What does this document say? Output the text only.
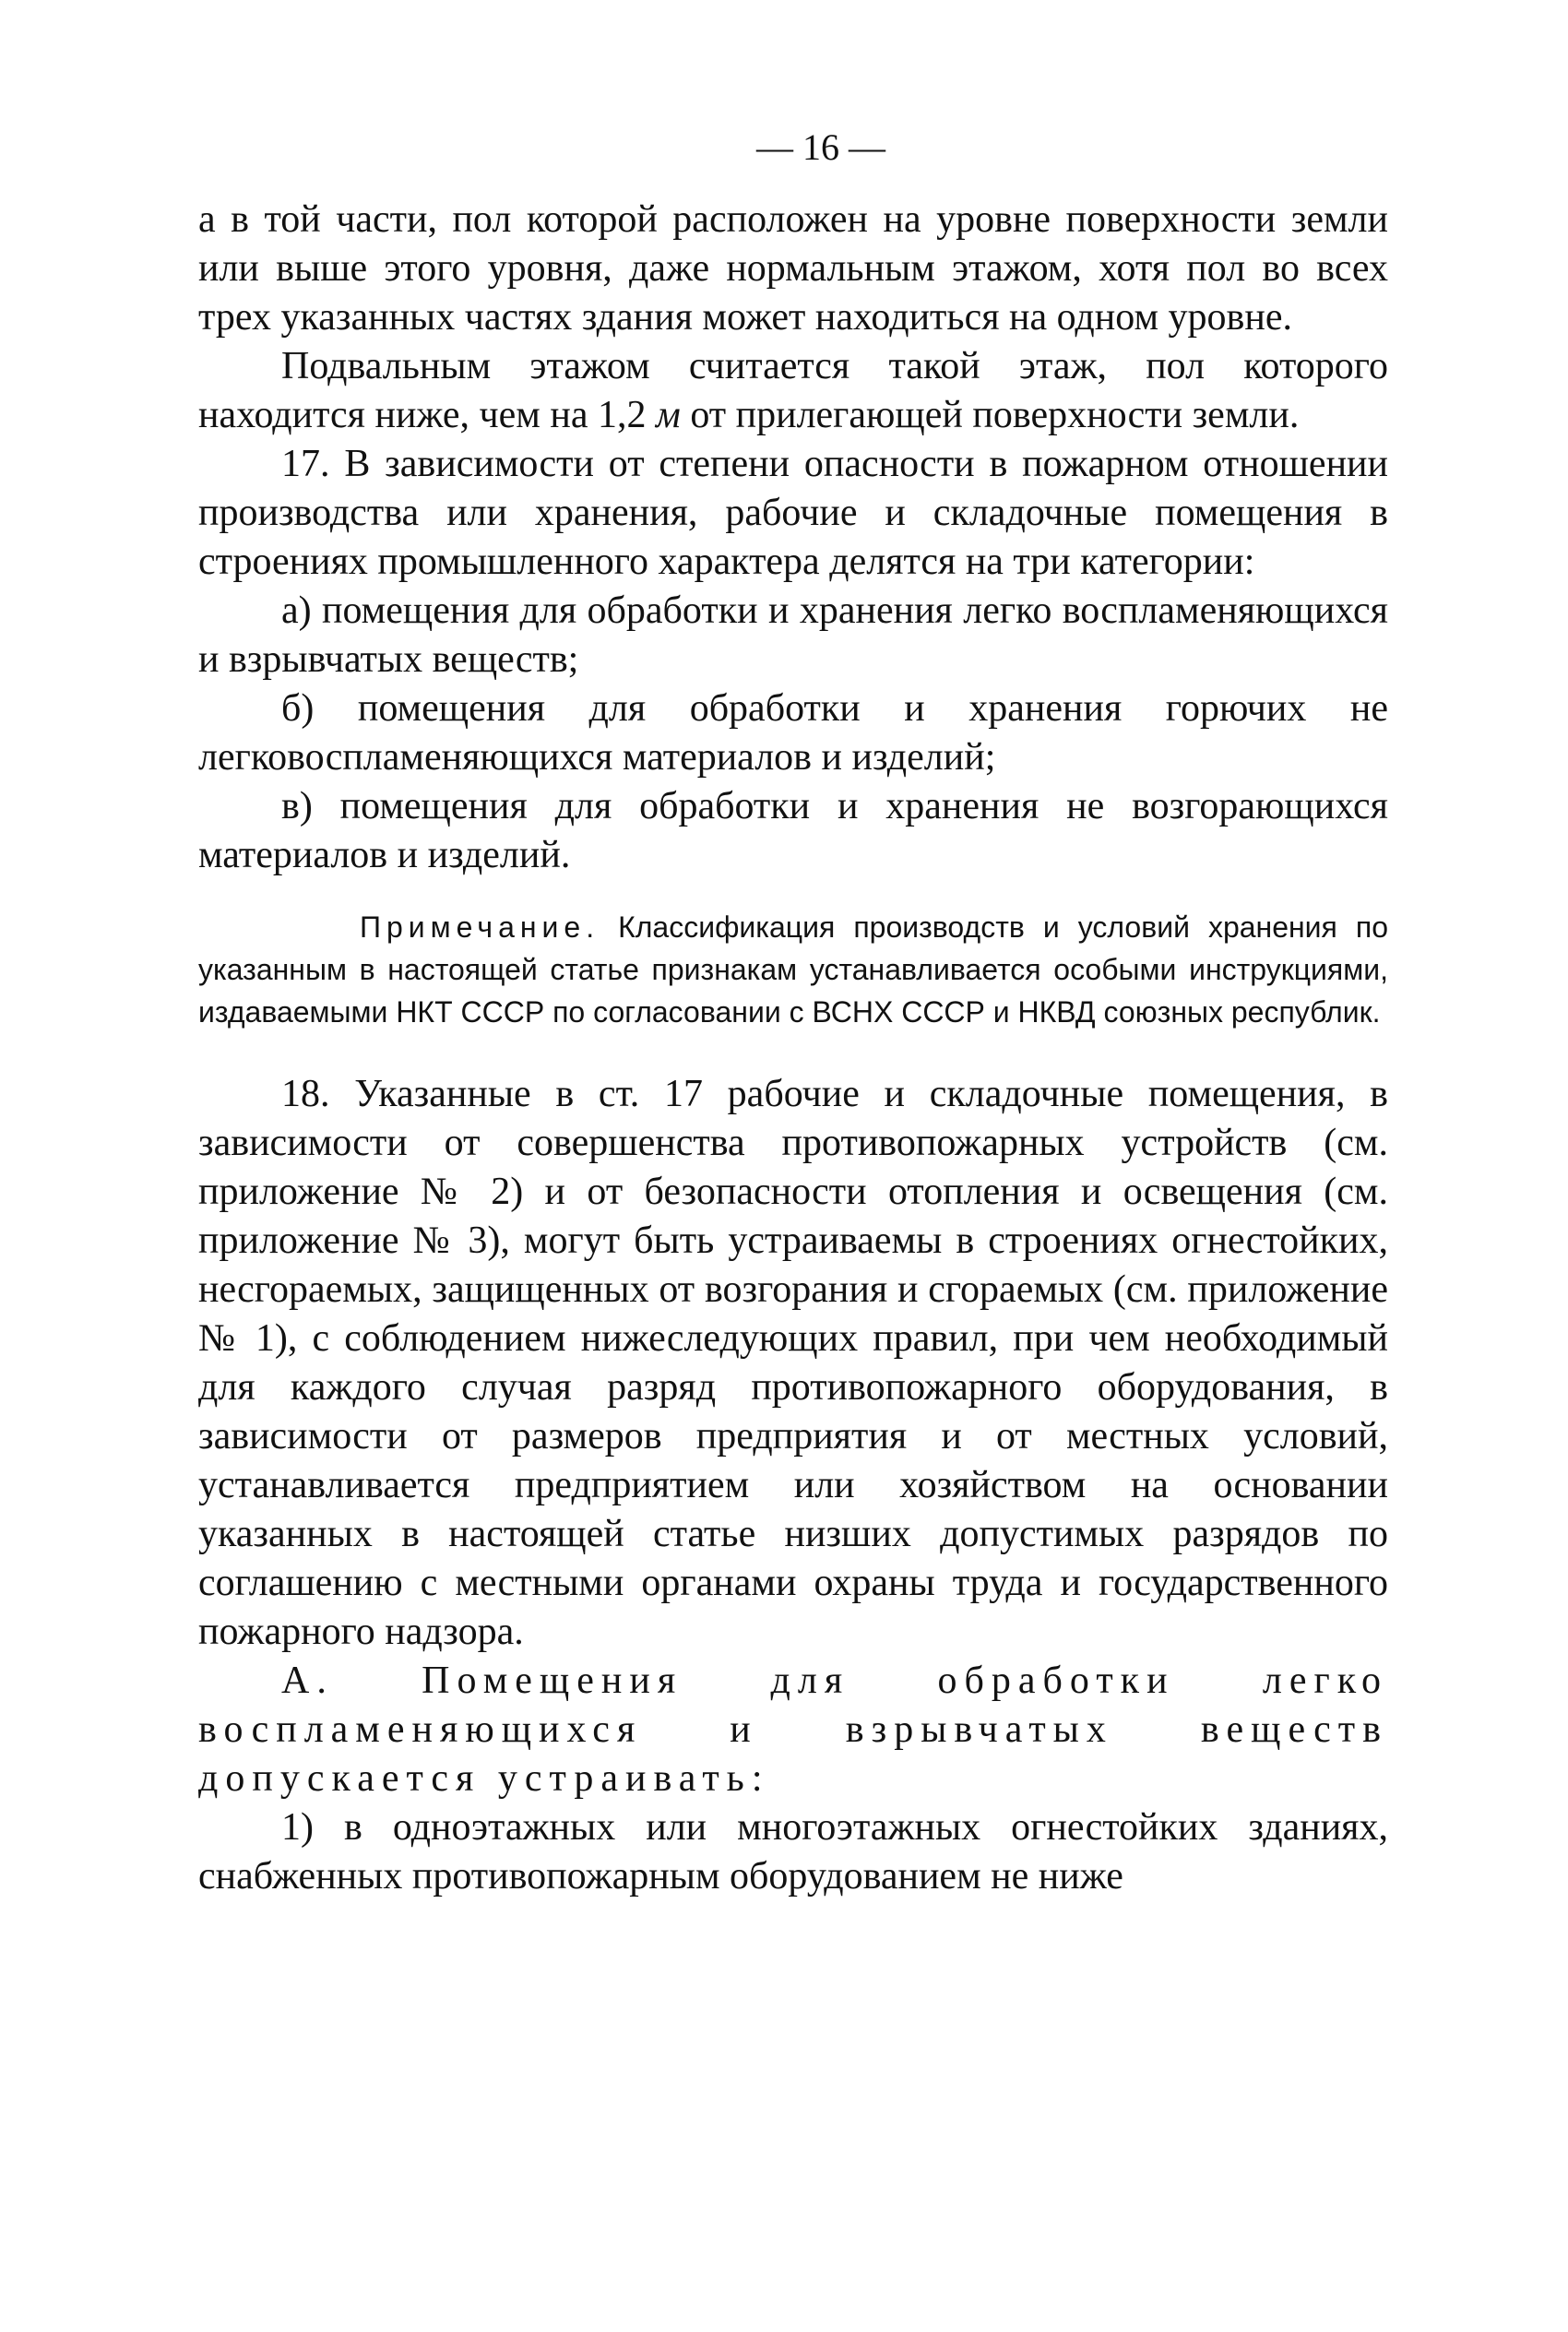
— 16 —

а в той части, пол которой расположен на уровне поверхности земли или выше этого уровня, даже нормальным этажом, хотя пол во всех трех указанных частях здания может находиться на одном уровне.

Подвальным этажом считается такой этаж, пол которого находится ниже, чем на 1,2 м от прилегающей поверхности земли.

17. В зависимости от степени опасности в пожарном отношении производства или хранения, рабочие и складочные помещения в строениях промышленного характера делятся на три категории:

а) помещения для обработки и хранения легко воспламеняющихся и взрывчатых веществ;

б) помещения для обработки и хранения горючих не легковоспламеняющихся материалов и изделий;

в) помещения для обработки и хранения не возгорающихся материалов и изделий.

Примечание. Классификация производств и условий хранения по указанным в настоящей статье признакам устанавливается особыми инструкциями, издаваемыми НКТ СССР по согласовании с ВСНХ СССР и НКВД союзных республик.

18. Указанные в ст. 17 рабочие и складочные помещения, в зависимости от совершенства противопожарных устройств (см. приложение № 2) и от безопасности отопления и освещения (см. приложение № 3), могут быть устраиваемы в строениях огнестойких, несгораемых, защищенных от возгорания и сгораемых (см. приложение № 1), с соблюдением нижеследующих правил, при чем необходимый для каждого случая разряд противопожарного оборудования, в зависимости от размеров предприятия и от местных условий, устанавливается предприятием или хозяйством на основании указанных в настоящей статье низших допустимых разрядов по соглашению с местными органами охраны труда и государственного пожарного надзора.

А. Помещения для обработки легко воспламеняющихся и взрывчатых веществ допускается устраивать:

1) в одноэтажных или многоэтажных огнестойких зданиях, снабженных противопожарным оборудованием не ниже
